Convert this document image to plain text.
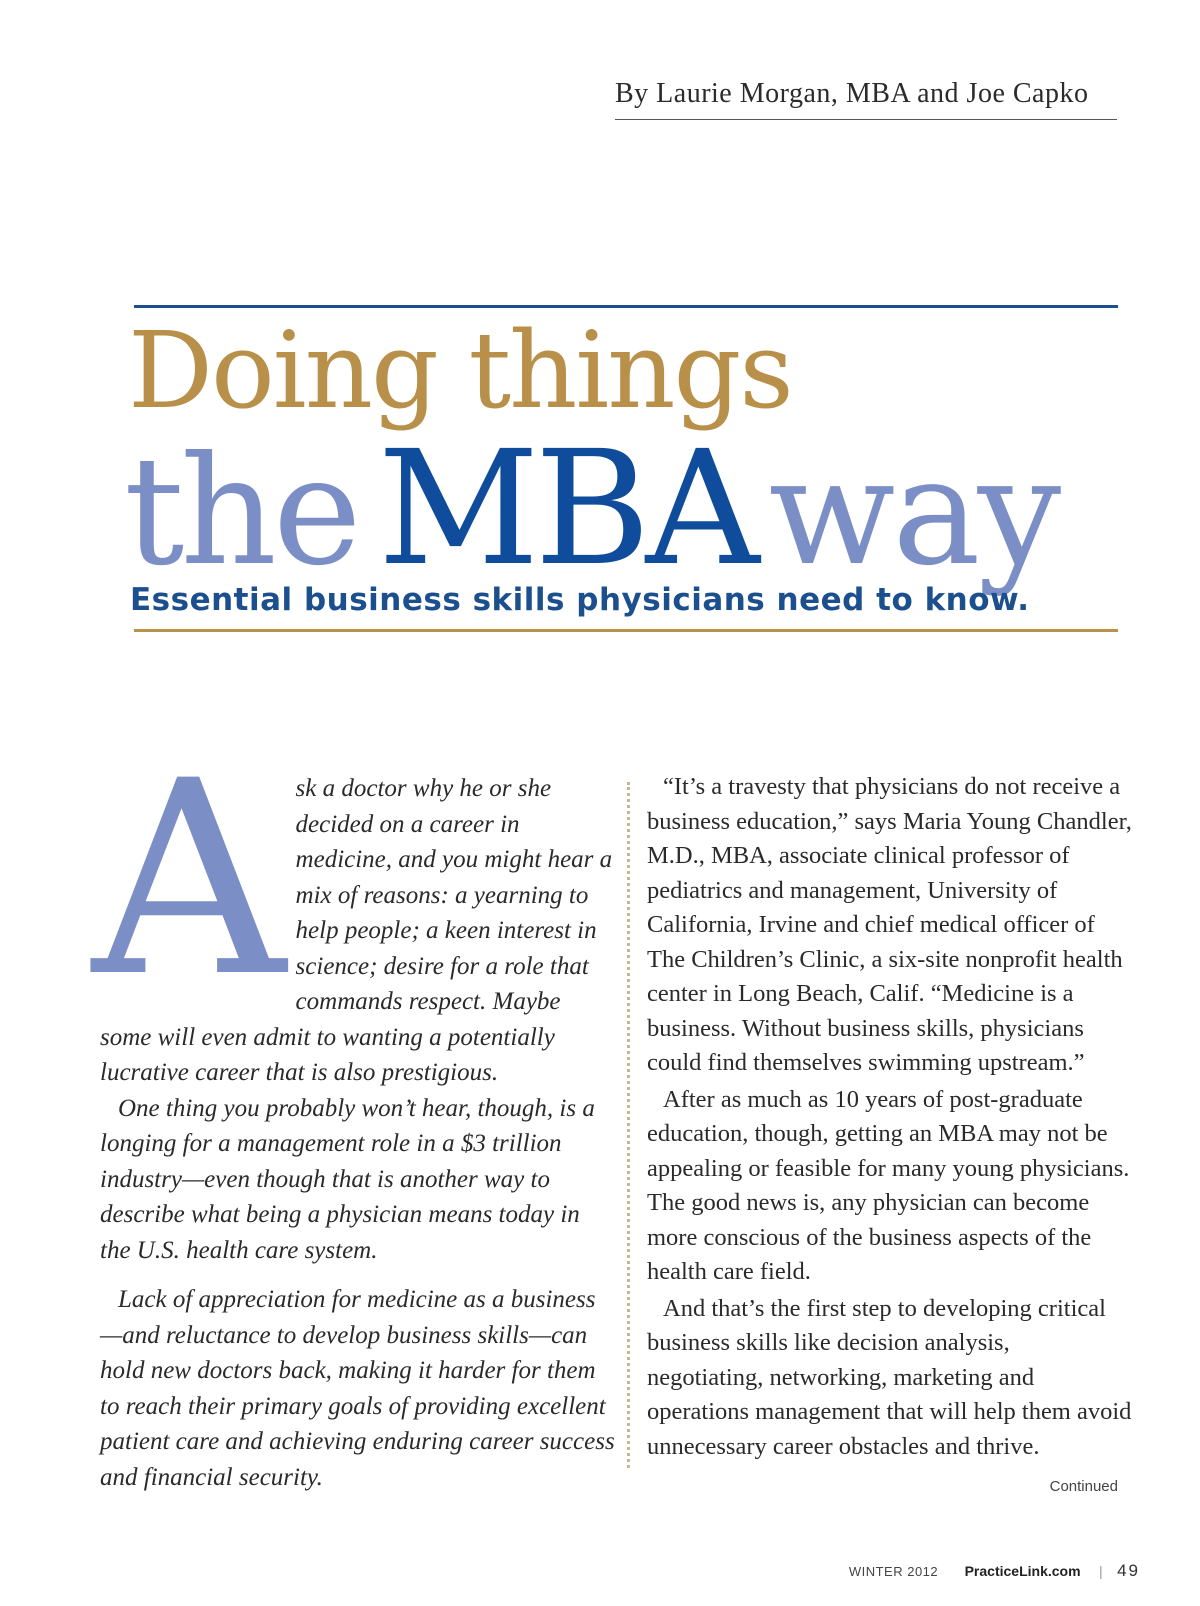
By Laurie Morgan, MBA and Joe Capko
Doing things
the MBAway
Essential business skills physicians need to know.
A sk a doctor why he or she decided on a career in medicine, and you might hear a mix of reasons: a yearning to help people; a keen interest in science; desire for a role that commands respect. Maybe some will even admit to wanting a potentially lucrative career that is also prestigious.

One thing you probably won’t hear, though, is a longing for a management role in a $3 trillion industry—even though that is another way to describe what being a physician means today in the U.S. health care system.

Lack of appreciation for medicine as a business—and reluctance to develop business skills—can hold new doctors back, making it harder for them to reach their primary goals of providing excellent patient care and achieving enduring career success and financial security.

“It’s a travesty that physicians do not receive a business education,” says Maria Young Chandler, M.D., MBA, associate clinical professor of pediatrics and management, University of California, Irvine and chief medical officer of The Children’s Clinic, a six-site nonprofit health center in Long Beach, Calif. “Medicine is a business. Without business skills, physicians could find themselves swimming upstream.”

After as much as 10 years of post-graduate education, though, getting an MBA may not be appealing or feasible for many young physicians. The good news is, any physician can become more conscious of the business aspects of the health care field.

And that’s the first step to developing critical business skills like decision analysis, negotiating, networking, marketing and operations management that will help them avoid unnecessary career obstacles and thrive.

Continued
WINTER 2012 PracticeLink.com | 49
